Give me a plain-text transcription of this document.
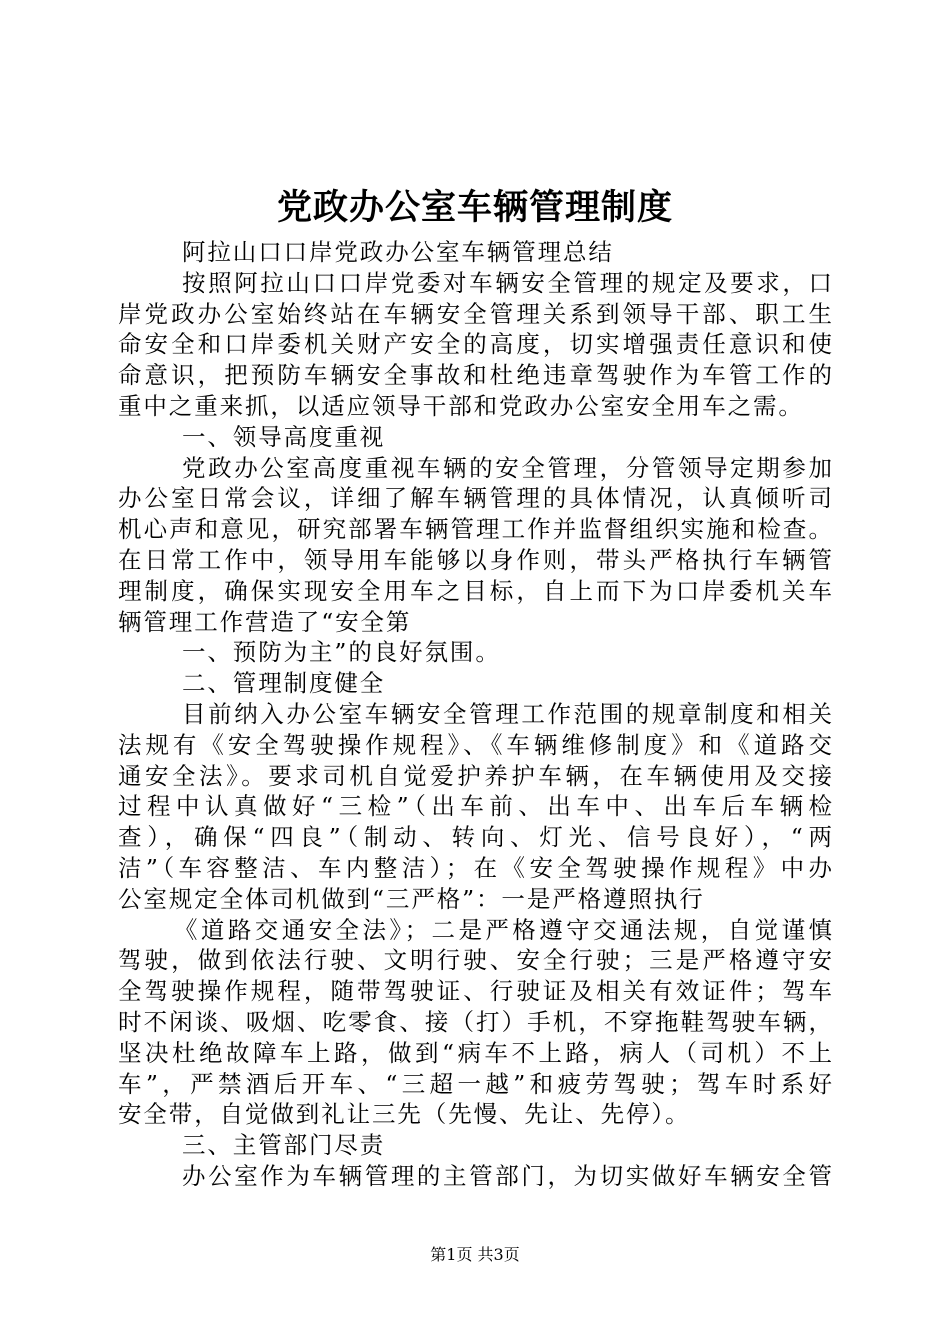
党政办公室车辆管理制度
阿拉山口口岸党政办公室车辆管理总结
按照阿拉山口口岸党委对车辆安全管理的规定及要求，口
岸党政办公室始终站在车辆安全管理关系到领导干部、职工生
命安全和口岸委机关财产安全的高度，切实增强责任意识和使
命意识，把预防车辆安全事故和杜绝违章驾驶作为车管工作的
重中之重来抓，以适应领导干部和党政办公室安全用车之需。
一、领导高度重视
党政办公室高度重视车辆的安全管理，分管领导定期参加
办公室日常会议，详细了解车辆管理的具体情况，认真倾听司
机心声和意见，研究部署车辆管理工作并监督组织实施和检查。
在日常工作中，领导用车能够以身作则，带头严格执行车辆管
理制度，确保实现安全用车之目标，自上而下为口岸委机关车
辆管理工作营造了“安全第
一、预防为主”的良好氛围。
二、管理制度健全
目前纳入办公室车辆安全管理工作范围的规章制度和相关
法规有《安全驾驶操作规程》、《车辆维修制度》和《道路交
通安全法》。要求司机自觉爱护养护车辆，在车辆使用及交接
过程中认真做好“三检”（出车前、出车中、出车后车辆检
查），确保“四良”（制动、转向、灯光、信号良好），“两
洁”（车容整洁、车内整洁）；在《安全驾驶操作规程》中办
公室规定全体司机做到“三严格”：一是严格遵照执行
《道路交通安全法》；二是严格遵守交通法规，自觉谨慎
驾驶，做到依法行驶、文明行驶、安全行驶；三是严格遵守安
全驾驶操作规程，随带驾驶证、行驶证及相关有效证件；驾车
时不闲谈、吸烟、吃零食、接（打）手机，不穿拖鞋驾驶车辆，
坚决杜绝故障车上路，做到“病车不上路，病人（司机）不上
车”，严禁酒后开车、“三超一越”和疲劳驾驶；驾车时系好
安全带，自觉做到礼让三先（先慢、先让、先停）。
三、主管部门尽责
办公室作为车辆管理的主管部门，为切实做好车辆安全管
第1页 共3页
